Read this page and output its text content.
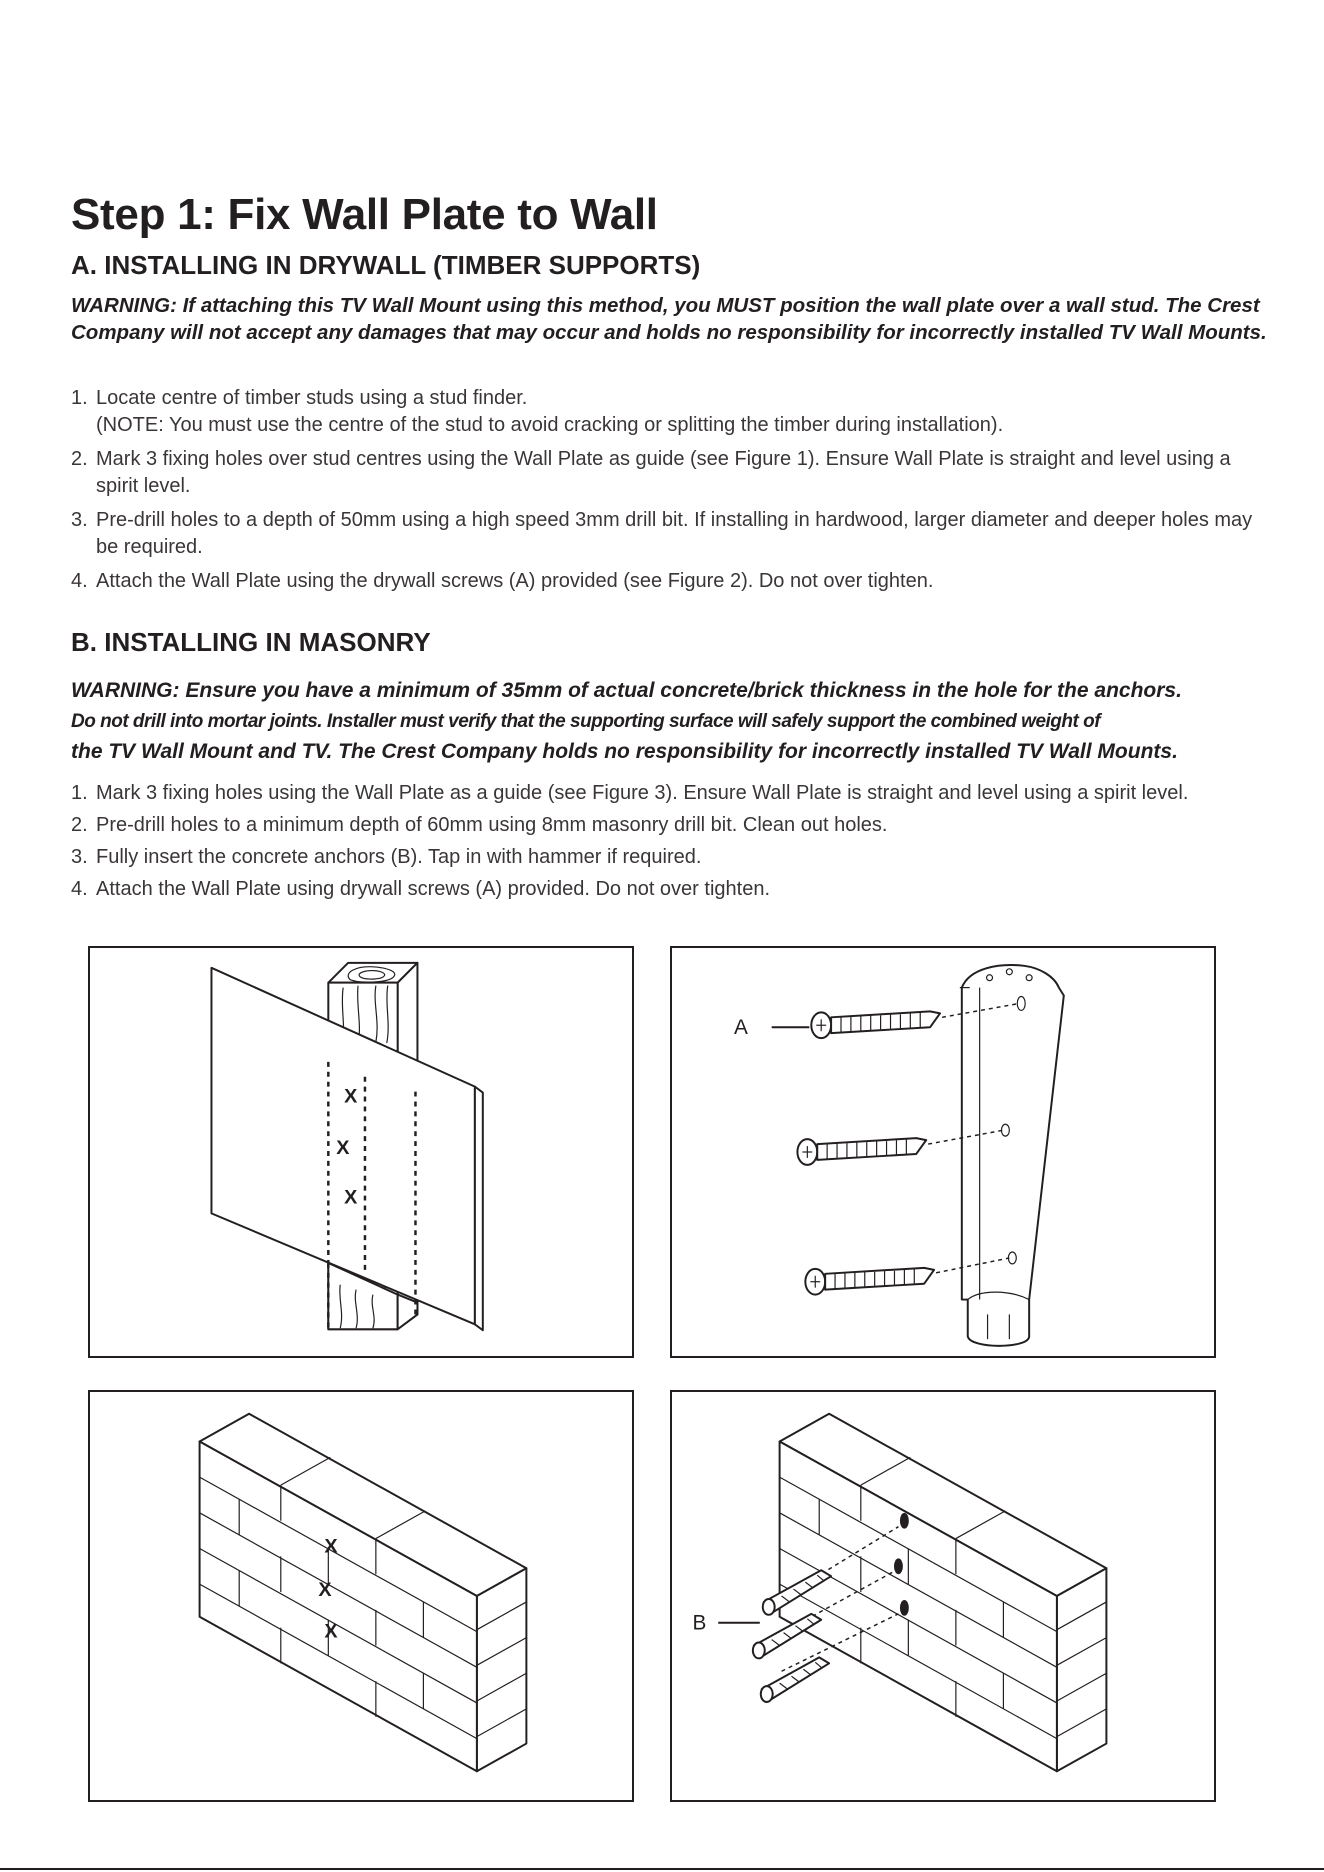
Step 1: Fix Wall Plate to Wall
A. INSTALLING IN DRYWALL (TIMBER SUPPORTS)

WARNING: If attaching this TV Wall Mount using this method, you MUST position the wall plate over a wall stud. The Crest Company will not accept any damages that may occur and holds no responsibility for incorrectly installed TV Wall Mounts.

1. Locate centre of timber studs using a stud finder.
(NOTE: You must use the centre of the stud to avoid cracking or splitting the timber during installation).
2. Mark 3 fixing holes over stud centres using the Wall Plate as guide (see Figure 1). Ensure Wall Plate is straight and level using a spirit level.
3. Pre-drill holes to a depth of 50mm using a high speed 3mm drill bit. If installing in hardwood, larger diameter and deeper holes may be required.
4. Attach the Wall Plate using the drywall screws (A) provided (see Figure 2). Do not over tighten.
B. INSTALLING IN MASONRY

WARNING: Ensure you have a minimum of 35mm of actual concrete/brick thickness in the hole for the anchors.
Do not drill into mortar joints. Installer must verify that the supporting surface will safely support the combined weight of
the TV Wall Mount and TV. The Crest Company holds no responsibility for incorrectly installed TV Wall Mounts.

1. Mark 3 fixing holes using the Wall Plate as a guide (see Figure 3). Ensure Wall Plate is straight and level using a spirit level.
2. Pre-drill holes to a minimum depth of 60mm using 8mm masonry drill bit. Clean out holes.
3. Fully insert the concrete anchors (B). Tap in with hammer if required.
4. Attach the Wall Plate using drywall screws (A) provided. Do not over tighten.
X
X
X
A
X
X
X	B
